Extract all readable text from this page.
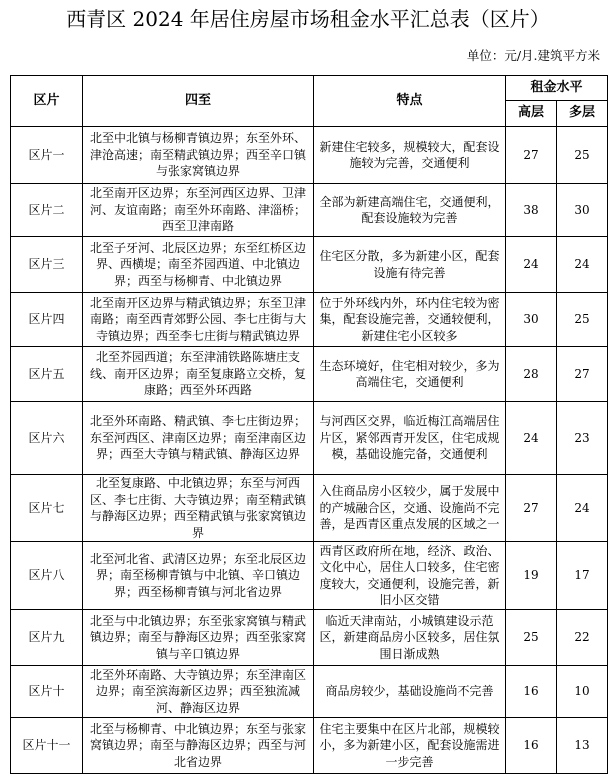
西青区 2024 年居住房屋市场租金水平汇总表（区片）
单位：元/月.建筑平方米
区片	四至	特点	租金水平	
			高层	多层
区片一	北至中北镇与杨柳青镇边界；东至外环、津沧高速；南至精武镇边界；西至辛口镇与张家窝镇边界	新建住宅较多，规模较大，配套设施较为完善，交通便利	27	25
区片二	北至南开区边界；东至河西区边界、卫津河、友谊南路；南至外环南路、津淄桥；西至卫津南路	全部为新建高端住宅，交通便利，配套设施较为完善	38	30
区片三	北至子牙河、北辰区边界；东至红桥区边界、西横堤；南至芥园西道、中北镇边界；西至与杨柳青、中北镇边界	住宅区分散，多为新建小区，配套设施有待完善	24	24
区片四	北至南开区边界与精武镇边界；东至卫津南路；南至西青郊野公园、李七庄街与大寺镇边界；西至李七庄街与精武镇边界	位于外环线内外，环内住宅较为密集，配套设施完善，交通较便利，新建住宅小区较多	30	25
区片五	北至芥园西道；东至津浦铁路陈塘庄支线、南开区边界；南至复康路立交桥，复康路；西至外环西路	生态环境好，住宅相对较少，多为高端住宅，交通便利	28	27
区片六	北至外环南路、精武镇、李七庄街边界；东至河西区、津南区边界；南至津南区边界；西至大寺镇与精武镇、静海区边界	与河西区交界，临近梅江高端居住片区，紧邻西青开发区，住宅成规模，基础设施完备，交通便利	24	23
区片七	北至复康路、中北镇边界；东至与河西区、李七庄街、大寺镇边界；南至精武镇与静海区边界；西至精武镇与张家窝镇边界	入住商品房小区较少，属于发展中的产城融合区，交通、设施尚不完善，是西青区重点发展的区域之一	27	24
区片八	北至河北省、武清区边界；东至北辰区边界；南至杨柳青镇与中北镇、辛口镇边界；西至杨柳青镇与河北省边界	西青区政府所在地，经济、政治、文化中心，居住人口较多，住宅密度较大，交通便利，设施完善，新旧小区交错	19	17
区片九	北至与中北镇边界；东至张家窝镇与精武镇边界；南至与静海区边界；西至张家窝镇与辛口镇边界	临近天津南站，小城镇建设示范区，新建商品房小区较多，居住氛围日渐成熟	25	22
区片十	北至外环南路、大寺镇边界；东至津南区边界；南至滨海新区边界；西至独流减河、静海区边界	商品房较少，基础设施尚不完善	16	10
区片十一	北至与杨柳青、中北镇边界；东至与张家窝镇边界；南至与静海区边界；西至与河北省边界	住宅主要集中在区片北部，规模较小，多为新建小区，配套设施需进一步完善	16	13
